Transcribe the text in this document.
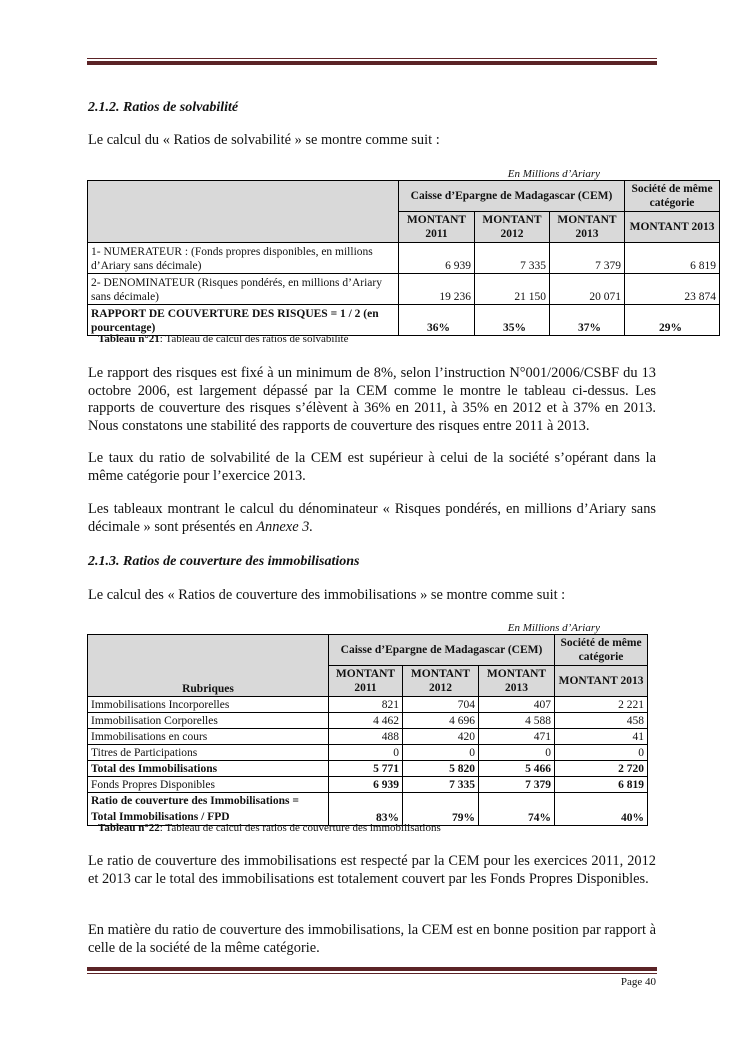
2.1.2. Ratios de solvabilité
Le calcul du « Ratios de solvabilité » se montre comme suit :
En Millions d’Ariary
	Caisse d’Epargne de Madagascar (CEM)			Société de même catégorie
	MONTANT 2011	MONTANT 2012	MONTANT 2013	MONTANT 2013
1- NUMERATEUR : (Fonds propres disponibles, en millions d’Ariary sans décimale)	6 939	7 335	7 379	6 819
2- DENOMINATEUR (Risques pondérés, en millions d’Ariary sans décimale)	19 236	21 150	20 071	23 874
RAPPORT DE COUVERTURE DES RISQUES = 1 / 2 (en pourcentage)	36%	35%	37%	29%
Tableau n°21: Tableau de calcul des ratios de solvabilité
Le rapport des risques est fixé à un minimum de 8%, selon l’instruction N°001/2006/CSBF du 13 octobre 2006, est largement dépassé par la CEM comme le montre le tableau ci-dessus. Les rapports de couverture des risques s’élèvent à 36% en 2011, à 35% en 2012 et à 37% en 2013. Nous constatons une stabilité des rapports de couverture des risques entre 2011 à 2013.
Le taux du ratio de solvabilité de la CEM est supérieur à celui de la société s’opérant dans la même catégorie pour l’exercice 2013.
Les tableaux montrant le calcul du dénominateur « Risques pondérés, en millions d’Ariary sans décimale » sont présentés en Annexe 3.
2.1.3. Ratios de couverture des immobilisations
Le calcul des « Ratios de couverture des immobilisations » se montre comme suit :
En Millions d’Ariary
Rubriques	Caisse d’Epargne de Madagascar (CEM)			Société de même catégorie
	MONTANT 2011	MONTANT 2012	MONTANT 2013	MONTANT 2013
Immobilisations Incorporelles	821	704	407	2 221
Immobilisation Corporelles	4 462	4 696	4 588	458
Immobilisations en cours	488	420	471	41
Titres de Participations	0	0	0	0
Total des Immobilisations	5 771	5 820	5 466	2 720
Fonds Propres Disponibles	6 939	7 335	7 379	6 819
Ratio de couverture des Immobilisations = Total Immobilisations / FPD	83%	79%	74%	40%
Tableau n°22: Tableau de calcul des ratios de couverture des immobilisations
Le ratio de couverture des immobilisations est respecté par la CEM pour les exercices 2011, 2012 et 2013 car le total des immobilisations est totalement couvert par les Fonds Propres Disponibles.
En matière du ratio de couverture des immobilisations, la CEM est en bonne position par rapport à celle de la société de la même catégorie.
Page 40
